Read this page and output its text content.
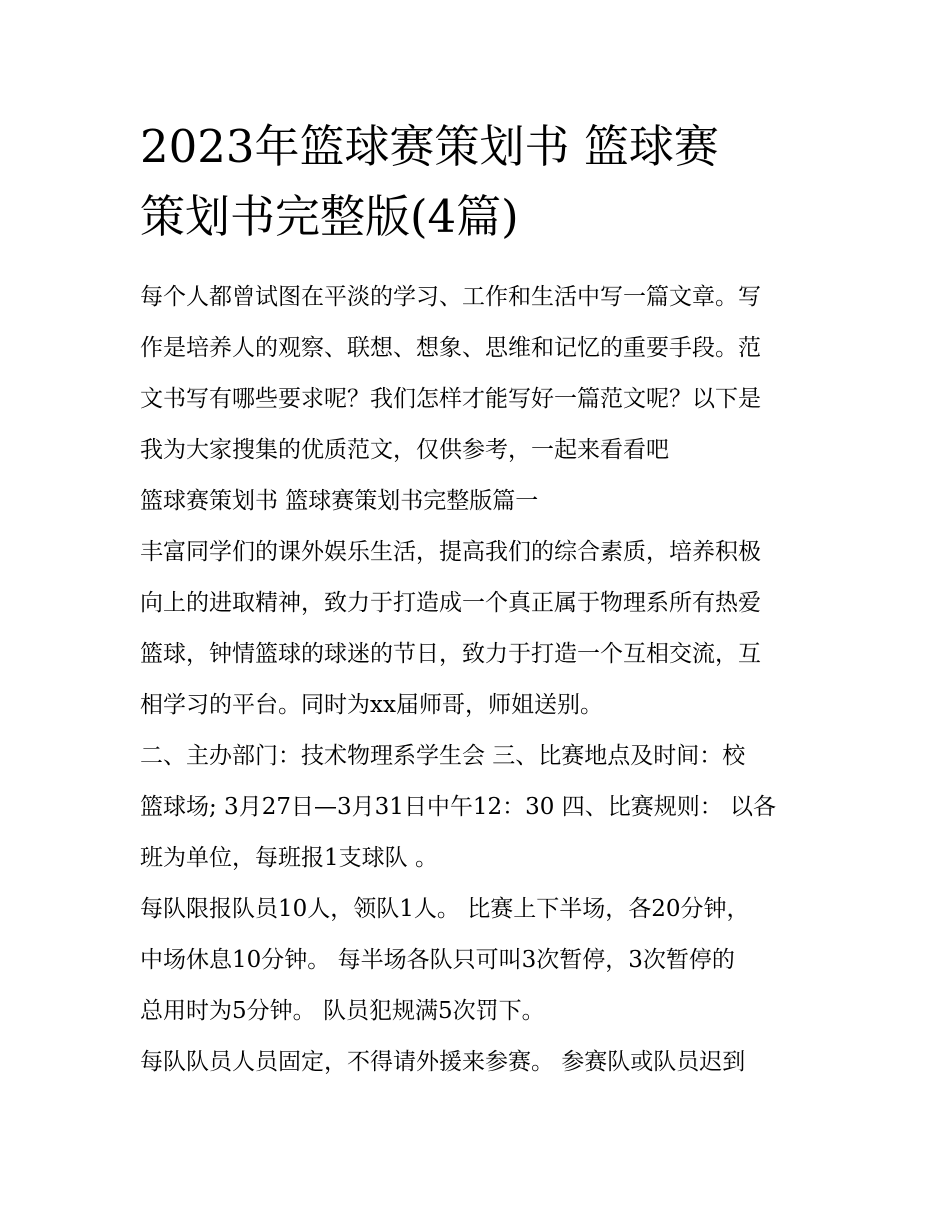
2023年篮球赛策划书 篮球赛
策划书完整版(4篇)
每个人都曾试图在平淡的学习、工作和生活中写一篇文章。写
作是培养人的观察、联想、想象、思维和记忆的重要手段。范
文书写有哪些要求呢？我们怎样才能写好一篇范文呢？以下是
我为大家搜集的优质范文，仅供参考，一起来看看吧
篮球赛策划书 篮球赛策划书完整版篇一
丰富同学们的课外娱乐生活，提高我们的综合素质，培养积极
向上的进取精神，致力于打造成一个真正属于物理系所有热爱
篮球，钟情篮球的球迷的节日，致力于打造一个互相交流，互
相学习的平台。同时为xx届师哥，师姐送别。
二、主办部门：技术物理系学生会 三、比赛地点及时间：校
篮球场; 3月27日—3月31日中午12：30 四、比赛规则： 以各
班为单位，每班报1支球队 。
每队限报队员10人，领队1人。 比赛上下半场，各20分钟，
中场休息10分钟。 每半场各队只可叫3次暂停，3次暂停的
总用时为5分钟。 队员犯规满5次罚下。
每队队员人员固定，不得请外援来参赛。 参赛队或队员迟到
